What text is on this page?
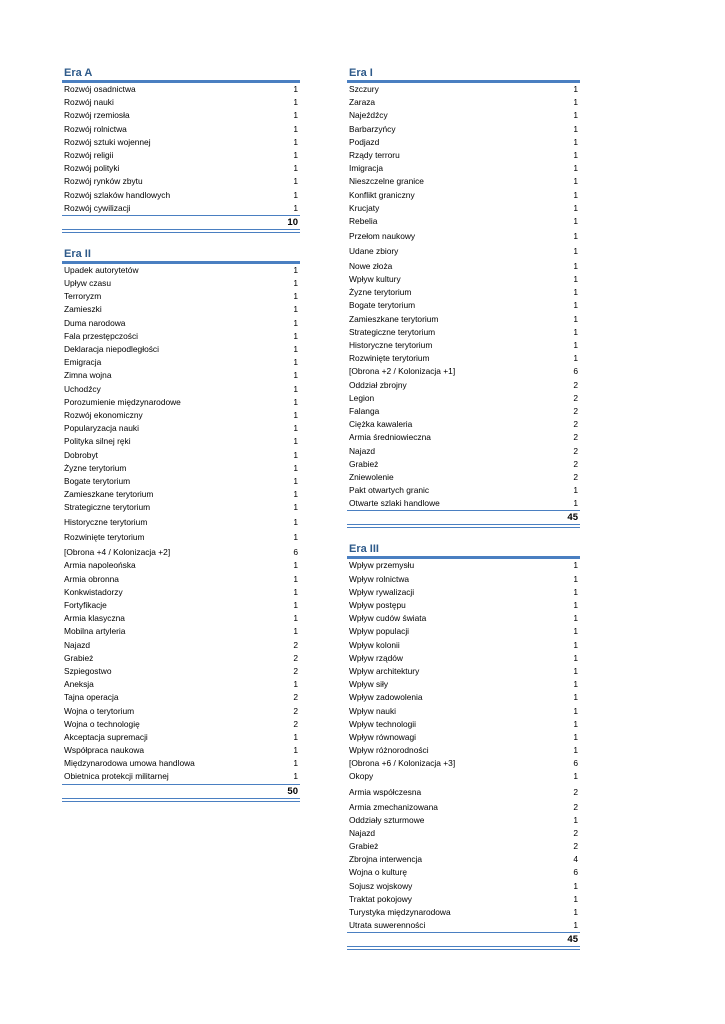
Era A
Rozwój osadnictwa	1
Rozwój nauki	1
Rozwój rzemiosła	1
Rozwój rolnictwa	1
Rozwój sztuki wojennej	1
Rozwój religii	1
Rozwój polityki	1
Rozwój rynków zbytu	1
Rozwój szlaków handlowych	1
Rozwój cywilizacji	1
10
Era II
Upadek autorytetów	1
Upływ czasu	1
Terroryzm	1
Zamieszki	1
Duma narodowa	1
Fala przestępczości	1
Deklaracja niepodległości	1
Emigracja	1
Zimna wojna	1
Uchodźcy	1
Porozumienie międzynarodowe	1
Rozwój ekonomiczny	1
Popularyzacja nauki	1
Polityka silnej ręki	1
Dobrobyt	1
Żyzne terytorium	1
Bogate terytorium	1
Zamieszkane terytorium	1
Strategiczne terytorium	1
Historyczne terytorium	1
Rozwinięte terytorium	1
[Obrona +4 / Kolonizacja +2]	6
Armia napoleońska	1
Armia obronna	1
Konkwistadorzy	1
Fortyfikacje	1
Armia klasyczna	1
Mobilna artyleria	1
Najazd	2
Grabież	2
Szpiegostwo	2
Aneksja	1
Tajna operacja	2
Wojna o terytorium	2
Wojna o technologię	2
Akceptacja supremacji	1
Współpraca naukowa	1
Międzynarodowa umowa handlowa	1
Obietnica protekcji militarnej	1
50
Era I
Szczury	1
Zaraza	1
Najeźdźcy	1
Barbarzyńcy	1
Podjazd	1
Rządy terroru	1
Imigracja	1
Nieszczelne granice	1
Konflikt graniczny	1
Krucjaty	1
Rebelia	1
Przełom naukowy	1
Udane zbiory	1
Nowe złoża	1
Wpływ kultury	1
Żyzne terytorium	1
Bogate terytorium	1
Zamieszkane terytorium	1
Strategiczne terytorium	1
Historyczne terytorium	1
Rozwinięte terytorium	1
[Obrona +2 / Kolonizacja +1]	6
Oddział zbrojny	2
Legion	2
Falanga	2
Ciężka kawaleria	2
Armia średniowieczna	2
Najazd	2
Grabież	2
Zniewolenie	2
Pakt otwartych granic	1
Otwarte szlaki handlowe	1
45
Era III
Wpływ przemysłu	1
Wpływ rolnictwa	1
Wpływ rywalizacji	1
Wpływ postępu	1
Wpływ cudów świata	1
Wpływ populacji	1
Wpływ kolonii	1
Wpływ rządów	1
Wpływ architektury	1
Wpływ siły	1
Wpływ zadowolenia	1
Wpływ nauki	1
Wpływ technologii	1
Wpływ równowagi	1
Wpływ różnorodności	1
[Obrona +6 / Kolonizacja +3]	6
Okopy	1
Armia współczesna	2
Armia zmechanizowana	2
Oddziały szturmowe	1
Najazd	2
Grabież	2
Zbrojna interwencja	4
Wojna o kulturę	6
Sojusz wojskowy	1
Traktat pokojowy	1
Turystyka międzynarodowa	1
Utrata suwerenności	1
45
